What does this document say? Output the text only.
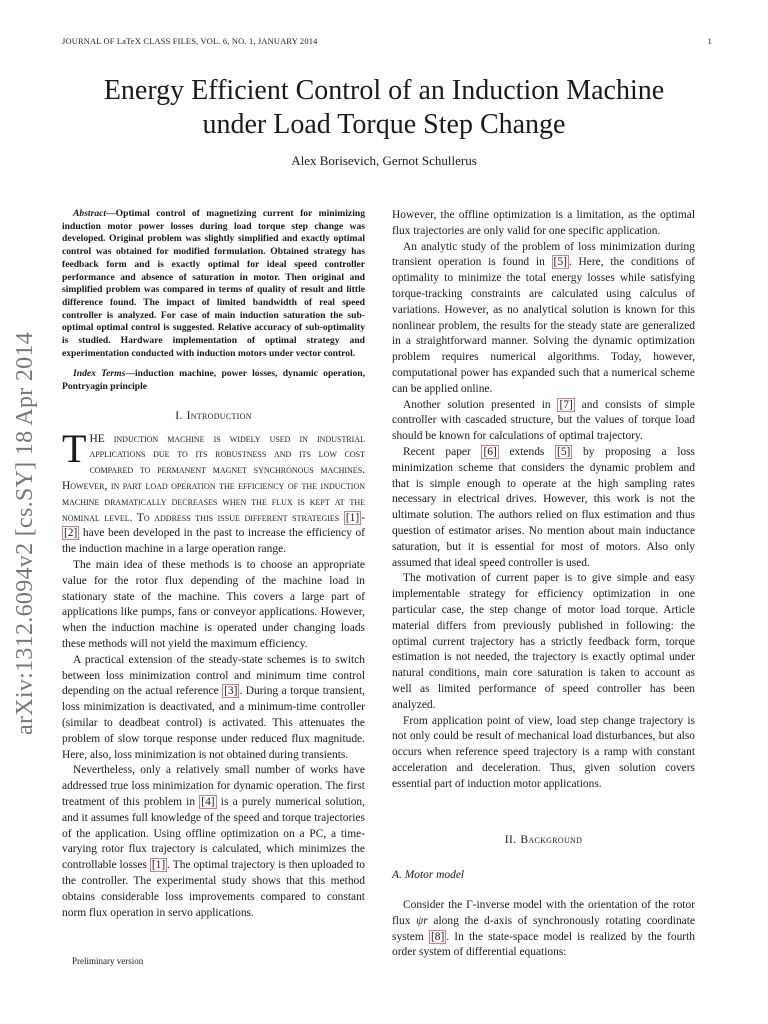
JOURNAL OF LaTeX CLASS FILES, VOL. 6, NO. 1, JANUARY 2014	1
Energy Efficient Control of an Induction Machine
under Load Torque Step Change
Alex Borisevich, Gernot Schullerus
arXiv:1312.6094v2 [cs.SY] 18 Apr 2014

Abstract—Optimal control of magnetizing current for minimizing induction motor power losses during load torque step change was developed. Original problem was slightly simplified and exactly optimal control was obtained for modified formulation. Obtained strategy has feedback form and is exactly optimal for ideal speed controller performance and absence of saturation in motor. Then original and simplified problem was compared in terms of quality of result and little difference found. The impact of limited bandwidth of real speed controller is analyzed. For case of main induction saturation the sub-optimal optimal control is suggested. Relative accuracy of sub-optimality is studied. Hardware implementation of optimal strategy and experimentation conducted with induction motors under vector control.

Index Terms—induction machine, power losses, dynamic operation, Pontryagin principle

I. Introduction

THE induction machine is widely used in industrial applications due to its robustness and its low cost compared to permanent magnet synchronous machines. However, in part load operation the efficiency of the induction machine dramatically decreases when the flux is kept at the nominal level. To address this issue different strategies [1] -[2] have been developed in the past to increase the efficiency of the induction machine in a large operation range.

The main idea of these methods is to choose an appropriate value for the rotor flux depending of the machine load in stationary state of the machine. This covers a large part of applications like pumps, fans or conveyor applications. However, when the induction machine is operated under changing loads these methods will not yield the maximum efficiency.

A practical extension of the steady-state schemes is to switch between loss minimization control and minimum time control depending on the actual reference [3] . During a torque transient, loss minimization is deactivated, and a minimum-time controller (similar to deadbeat control) is activated. This attenuates the problem of slow torque response under reduced flux magnitude. Here, also, loss minimization is not obtained during transients.

Nevertheless, only a relatively small number of works have addressed true loss minimization for dynamic operation. The first treatment of this problem in [4] is a purely numerical solution, and it assumes full knowledge of the speed and torque trajectories of the application. Using offline optimization on a PC, a time-varying rotor flux trajectory is calculated, which minimizes the controllable losses [1] . The optimal trajectory is then uploaded to the controller. The experimental study shows that this method obtains considerable loss improvements compared to constant norm flux operation in servo applications.

However, the offline optimization is a limitation, as the optimal flux trajectories are only valid for one specific application.

An analytic study of the problem of loss minimization during transient operation is found in [5] . Here, the conditions of optimality to minimize the total energy losses while satisfying torque-tracking constraints are calculated using calculus of variations. However, as no analytical solution is known for this nonlinear problem, the results for the steady state are generalized in a straightforward manner. Solving the dynamic optimization problem requires numerical algorithms. Today, however, computational power has expanded such that a numerical scheme can be applied online.

Another solution presented in [7] and consists of simple controller with cascaded structure, but the values of torque load should be known for calculations of optimal trajectory.

Recent paper [6] extends [5] by proposing a loss minimization scheme that considers the dynamic problem and that is simple enough to operate at the high sampling rates necessary in electrical drives. However, this work is not the ultimate solution. The authors relied on flux estimation and thus question of estimator arises. No mention about main inductance saturation, but it is essential for most of motors. Also only assumed that ideal speed controller is used.

The motivation of current paper is to give simple and easy implementable strategy for efficiency optimization in one particular case, the step change of motor load torque. Article material differs from previously published in following: the optimal current trajectory has a strictly feedback form, torque estimation is not needed, the trajectory is exactly optimal under natural conditions, main core saturation is taken to account as well as limited performance of speed controller has been analyzed.

From application point of view, load step change trajectory is not only could be result of mechanical load disturbances, but also occurs when reference speed trajectory is a ramp with constant acceleration and deceleration. Thus, given solution covers essential part of induction motor applications.

II. Background

A. Motor model

Consider the Γ-inverse model with the orientation of the rotor flux ψr along the d-axis of synchronously rotating coordinate system [8] . In the state-space model is realized by the fourth order system of differential equations:

Preliminary version
